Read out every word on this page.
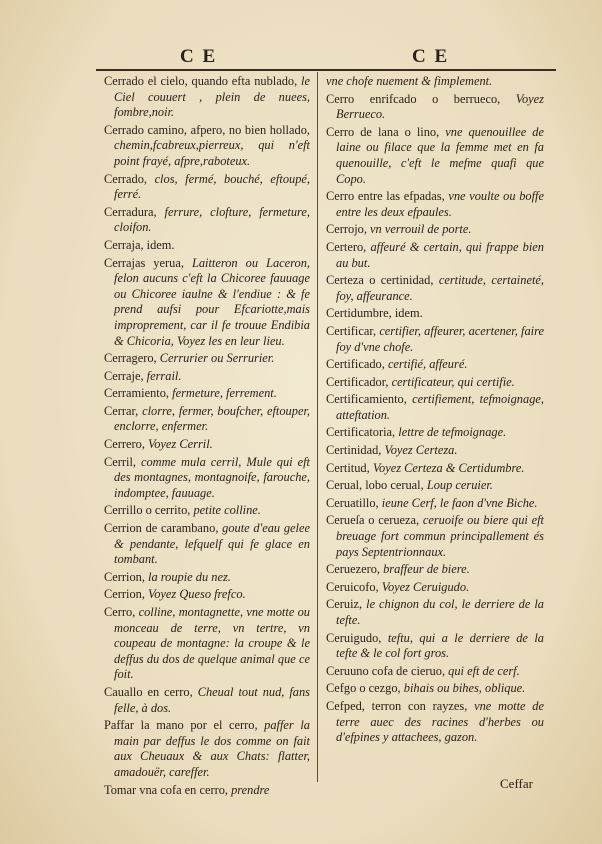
C E	C E
Cerrado el cielo, quando efta nublado, le Ciel couuert , plein de nuees, fombre,noir.
Cerrado camino, afpero, no bien hollado, chemin,fcabreux,pierreux, qui n'eft point frayé, afpre,raboteux.
Cerrado, clos, fermé, bouché, eftoupé, ferré.
Cerradura, ferrure, clofture, fermeture, cloifon.
Cerraja, idem.
Cerrajas yerua, Laitteron ou Laceron, felon aucuns c'eft la Chicoree fauuage ou Chicoree iaulne & l'endiue : & fe prend aufsi pour Efcariotte,mais improprement, car il fe trouue Endibia & Chicoria, Voyez les en leur lieu.
Cerragero, Cerrurier ou Serrurier.
Cerraje, ferrail.
Cerramiento, fermeture, ferrement.
Cerrar, clorre, fermer, boufcher, eftouper, enclorre, enfermer.
Cerrero, Voyez Cerril.
Cerril, comme mula cerril, Mule qui eft des montagnes, montagnoife, farouche, indomptee, fauuage.
Cerrillo o cerrito, petite colline.
Cerrion de carambano, goute d'eau gelee & pendante, lefquelf qui fe glace en tombant.
Cerrion, la roupie du nez.
Cerrion, Voyez Queso frefco.
Cerro, colline, montagnette, vne motte ou monceau de terre, vn tertre, vn coupeau de montagne: la croupe & le deffus du dos de quelque animal que ce foit.
Cauallo en cerro, Cheual tout nud, fans felle, à dos.
Paffar la mano por el cerro, paffer la main par deffus le dos comme on fait aux Cheuaux & aux Chats: flatter, amadouër, careffer.
Tomar vna cofa en cerro, prendre
vne chofe nuement & fimplement.
Cerro enrifcado o berrueco, Voyez Berrueco.
Cerro de lana o lino, vne quenouillee de laine ou filace que la femme met en fa quenouille, c'eft le mefme quafi que Copo.
Cerro entre las efpadas, vne voulte ou boffe entre les deux efpaules.
Cerrojo, vn verrouil de porte.
Certero, affeuré & certain, qui frappe bien au but.
Certeza o certinidad, certitude, certaineté, foy, affeurance.
Certidumbre, idem.
Certificar, certifier, affeurer, acertener, faire foy d'vne chofe.
Certificado, certifié, affeuré.
Certificador, certificateur, qui certifie.
Certificamiento, certifiement, tefmoignage, atteftation.
Certificatoria, lettre de tefmoignage.
Certinidad, Voyez Certeza.
Certitud, Voyez Certeza & Certidumbre.
Cerual, lobo cerual, Loup ceruier.
Ceruatillo, ieune Cerf, le faon d'vne Biche.
Cerueſa o cerueza, ceruoife ou biere qui eft breuage fort commun principallement és pays Septentrionnaux.
Ceruezero, braffeur de biere.
Ceruicofo, Voyez Ceruigudo.
Ceruiz, le chignon du col, le derriere de la tefte.
Ceruigudo, teftu, qui a le derriere de la tefte & le col fort gros.
Ceruuno cofa de cieruo, qui eft de cerf.
Cefgo o cezgo, bihais ou bihes, oblique.
Cefped, terron con rayzes, vne motte de terre auec des racines d'herbes ou d'efpines y attachees, gazon.
Ceffar
